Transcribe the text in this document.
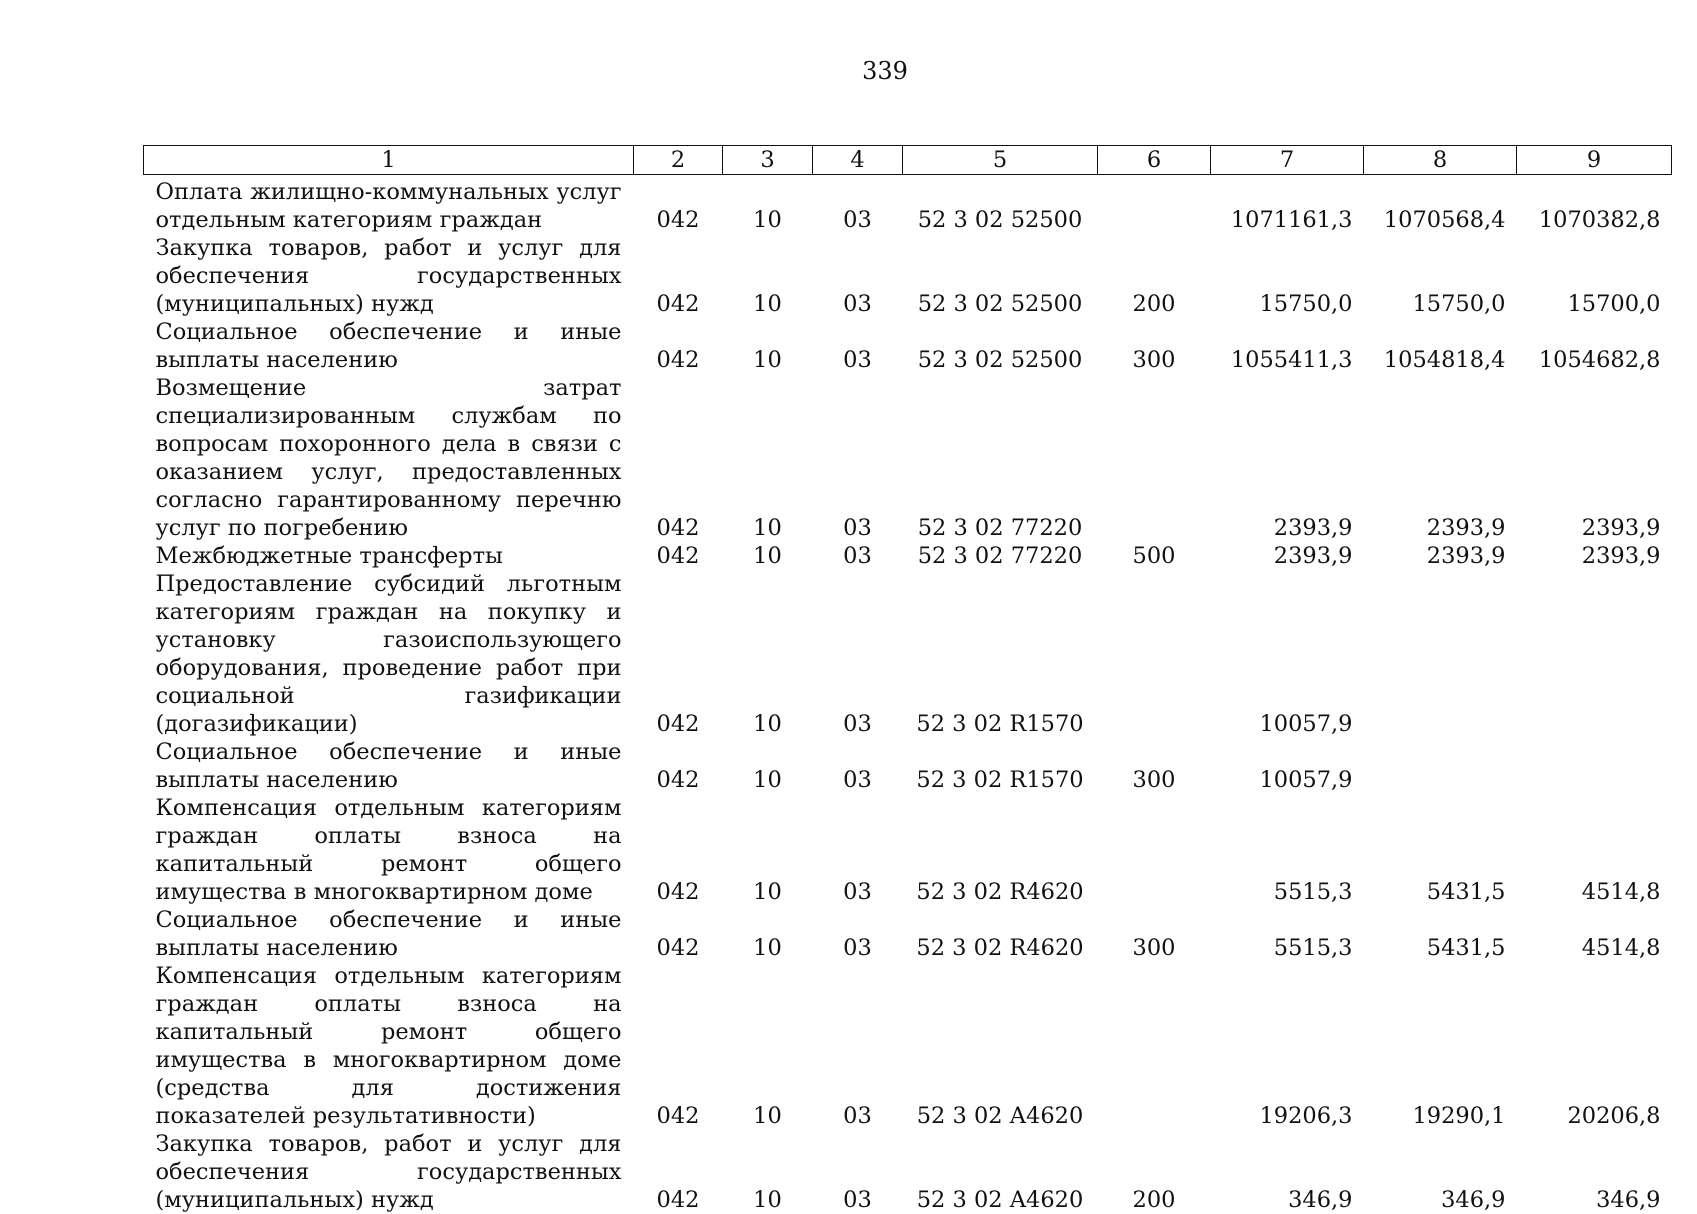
339
1	2	3	4	5	6	7	8	9
Оплата жилищно-коммунальных услуг отдельным категориям граждан	042	10	03	52 3 02 52500		1071161,3	1070568,4	1070382,8
Закупка товаров, работ и услуг для обеспечения государственных (муниципальных) нужд	042	10	03	52 3 02 52500	200	15750,0	15750,0	15700,0
Социальное обеспечение и иные выплаты населению	042	10	03	52 3 02 52500	300	1055411,3	1054818,4	1054682,8
Возмещение затрат специализированным службам по вопросам похоронного дела в связи с оказанием услуг, предоставленных согласно гарантированному перечню услуг по погребению	042	10	03	52 3 02 77220		2393,9	2393,9	2393,9
Межбюджетные трансферты	042	10	03	52 3 02 77220	500	2393,9	2393,9	2393,9
Предоставление субсидий льготным категориям граждан на покупку и установку газоиспользующего оборудования, проведение работ при социальной газификации (догазификации)	042	10	03	52 3 02 R1570		10057,9		
Социальное обеспечение и иные выплаты населению	042	10	03	52 3 02 R1570	300	10057,9		
Компенсация отдельным категориям граждан оплаты взноса на капитальный ремонт общего имущества в многоквартирном доме	042	10	03	52 3 02 R4620		5515,3	5431,5	4514,8
Социальное обеспечение и иные выплаты населению	042	10	03	52 3 02 R4620	300	5515,3	5431,5	4514,8
Компенсация отдельным категориям граждан оплаты взноса на капитальный ремонт общего имущества в многоквартирном доме (средства для достижения показателей результативности)	042	10	03	52 3 02 A4620		19206,3	19290,1	20206,8
Закупка товаров, работ и услуг для обеспечения государственных (муниципальных) нужд	042	10	03	52 3 02 A4620	200	346,9	346,9	346,9
